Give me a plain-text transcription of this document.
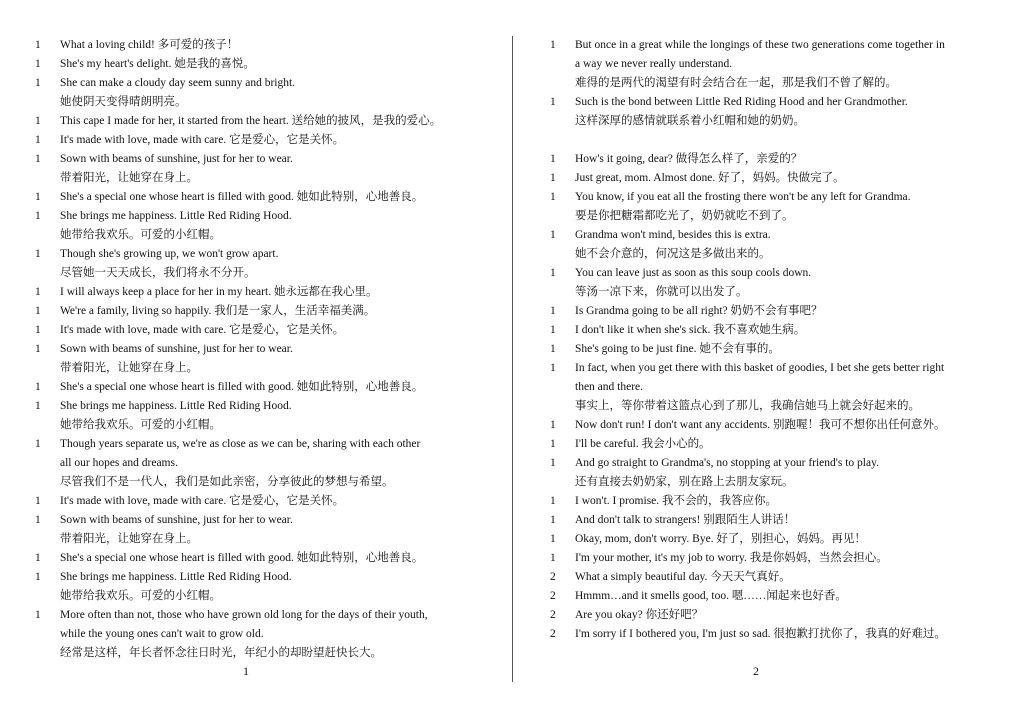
1	What a loving child! 多可爱的孩子！
1	She's my heart's delight. 她是我的喜悦。
1	She can make a cloudy day seem sunny and bright.
她使阴天变得晴朗明亮。
1	This cape I made for her, it started from the heart. 送给她的披风，是我的爱心。
1	It's made with love, made with care. 它是爱心，它是关怀。
1	Sown with beams of sunshine, just for her to wear.
带着阳光，让她穿在身上。
1	She's a special one whose heart is filled with good. 她如此特别，心地善良。
1	She brings me happiness. Little Red Riding Hood.
她带给我欢乐。可爱的小红帽。
1	Though she's growing up, we won't grow apart.
尽管她一天天成长，我们将永不分开。
1	I will always keep a place for her in my heart. 她永远都在我心里。
1	We're a family, living so happily. 我们是一家人，生活幸福美满。
1	It's made with love, made with care. 它是爱心，它是关怀。
1	Sown with beams of sunshine, just for her to wear.
带着阳光，让她穿在身上。
1	She's a special one whose heart is filled with good. 她如此特别，心地善良。
1	She brings me happiness. Little Red Riding Hood.
她带给我欢乐。可爱的小红帽。
1	Though years separate us, we're as close as we can be, sharing with each other
all our hopes and dreams.
尽管我们不是一代人，我们是如此亲密，分享彼此的梦想与希望。
1	It's made with love, made with care. 它是爱心，它是关怀。
1	Sown with beams of sunshine, just for her to wear.
带着阳光，让她穿在身上。
1	She's a special one whose heart is filled with good. 她如此特别，心地善良。
1	She brings me happiness. Little Red Riding Hood.
她带给我欢乐。可爱的小红帽。
1	More often than not, those who have grown old long for the days of their youth,
while the young ones can't wait to grow old.
经常是这样，年长者怀念往日时光，年纪小的却盼望赶快长大。
1
1	But once in a great while the longings of these two generations come together in
a way we never really understand.
难得的是两代的渴望有时会结合在一起，那是我们不曾了解的。
1	Such is the bond between Little Red Riding Hood and her Grandmother.
这样深厚的感情就联系着小红帽和她的奶奶。
1	How's it going, dear? 做得怎么样了，亲爱的？
1	Just great, mom. Almost done. 好了，妈妈。快做完了。
1	You know, if you eat all the frosting there won't be any left for Grandma.
要是你把糖霜都吃光了，奶奶就吃不到了。
1	Grandma won't mind, besides this is extra.
她不会介意的，何况这是多做出来的。
1	You can leave just as soon as this soup cools down.
等汤一凉下来，你就可以出发了。
1	Is Grandma going to be all right? 奶奶不会有事吧？
1	I don't like it when she's sick. 我不喜欢她生病。
1	She's going to be just fine. 她不会有事的。
1	In fact, when you get there with this basket of goodies, I bet she gets better right
then and there.
事实上，等你带着这篮点心到了那儿，我确信她马上就会好起来的。
1	Now don't run! I don't want any accidents. 别跑喔！我可不想你出任何意外。
1	I'll be careful. 我会小心的。
1	And go straight to Grandma's, no stopping at your friend's to play.
还有直接去奶奶家，别在路上去朋友家玩。
1	I won't. I promise. 我不会的，我答应你。
1	And don't talk to strangers! 别跟陌生人讲话！
1	Okay, mom, don't worry. Bye. 好了，别担心，妈妈。再见！
1	I'm your mother, it's my job to worry. 我是你妈妈，当然会担心。
2	What a simply beautiful day. 今天天气真好。
2	Hmmm…and it smells good, too. 嗯……闻起来也好香。
2	Are you okay? 你还好吧？
2	I'm sorry if I bothered you, I'm just so sad. 很抱歉打扰你了，我真的好难过。
2
